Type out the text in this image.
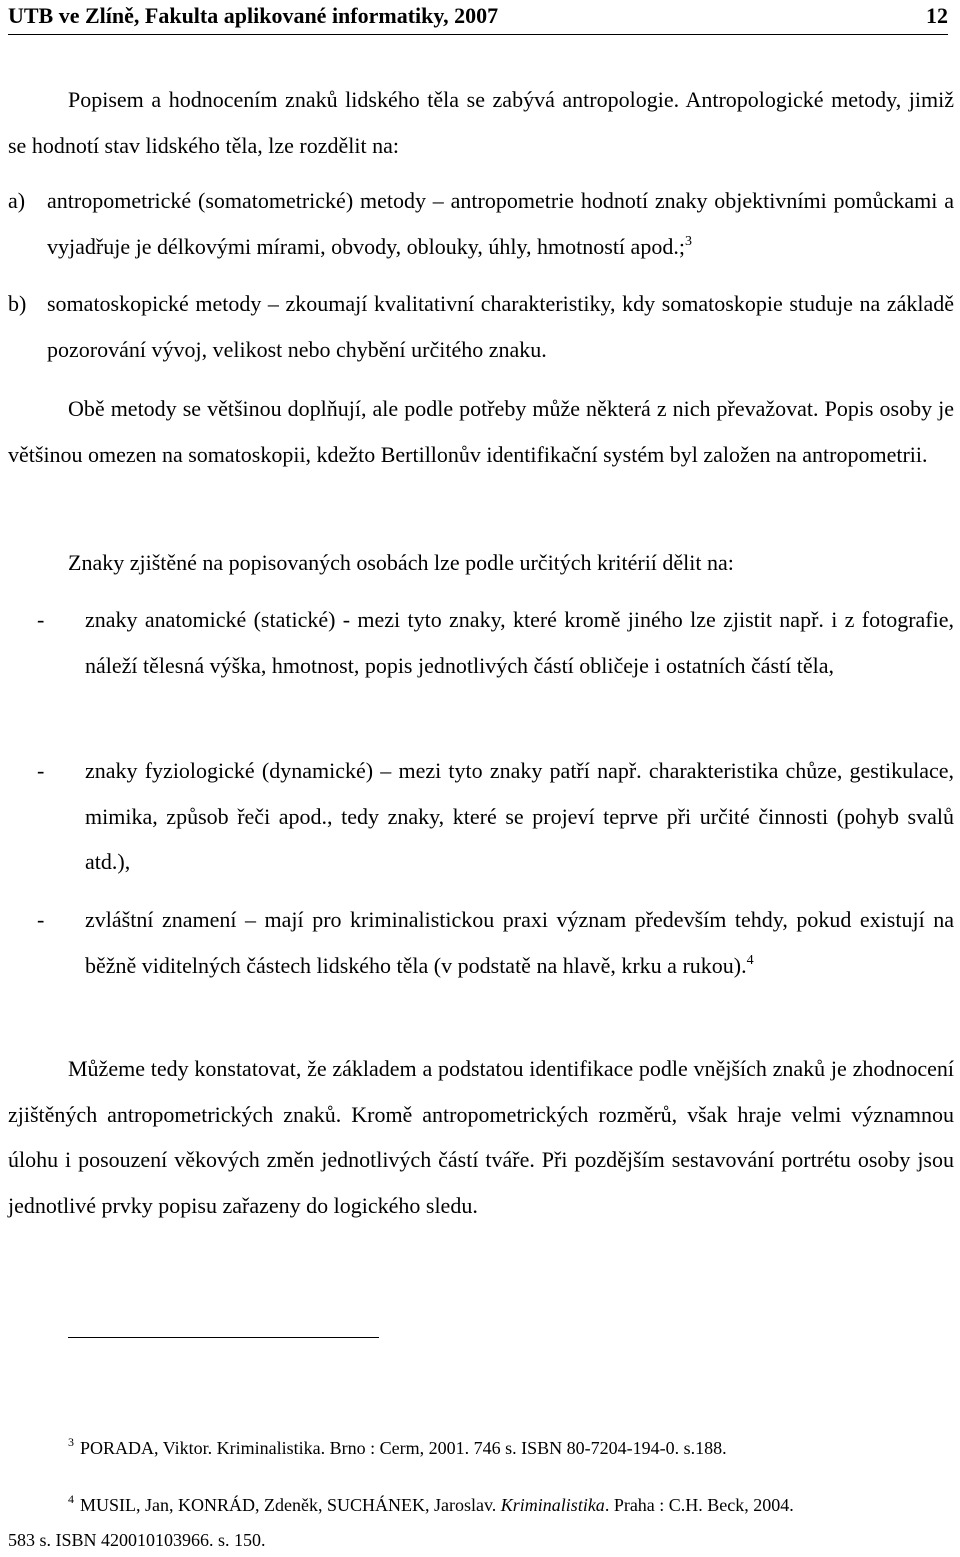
UTB ve Zlíně, Fakulta aplikované informatiky, 2007	12
Popisem a hodnocením znaků lidského těla se zabývá antropologie. Antropologické metody, jimiž se hodnotí stav lidského těla, lze rozdělit na:
a) antropometrické (somatometrické) metody – antropometrie hodnotí znaky objektivními pomůckami a vyjadřuje je délkovými mírami, obvody, oblouky, úhly, hmotností apod.;$^3$
b) somatoskopické metody – zkoumají kvalitativní charakteristiky, kdy somatoskopie studuje na základě pozorování vývoj, velikost nebo chybění určitého znaku.
Obě metody se většinou doplňují, ale podle potřeby může některá z nich převažovat. Popis osoby je většinou omezen na somatoskopii, kdežto Bertillonův identifikační systém byl založen na antropometrii.
Znaky zjištěné na popisovaných osobách lze podle určitých kritérií dělit na:
- znaky anatomické (statické) - mezi tyto znaky, které kromě jiného lze zjistit např. i z fotografie, náleží tělesná výška, hmotnost, popis jednotlivých částí obličeje i ostatních částí těla,
- znaky fyziologické (dynamické) – mezi tyto znaky patří např. charakteristika chůze, gestikulace, mimika, způsob řeči apod., tedy znaky, které se projeví teprve při určité činnosti (pohyb svalů atd.),
- zvláštní znamení – mají pro kriminalistickou praxi význam především tehdy, pokud existují na běžně viditelných částech lidského těla (v podstatě na hlavě, krku a rukou).$^4$
Můžeme tedy konstatovat, že základem a podstatou identifikace podle vnějších znaků je zhodnocení zjištěných antropometrických znaků. Kromě antropometrických rozměrů, však hraje velmi významnou úlohu i posouzení věkových změn jednotlivých částí tváře. Při pozdějším sestavování portrétu osoby jsou jednotlivé prvky popisu zařazeny do logického sledu.
$^3$ PORADA, Viktor. Kriminalistika. Brno : Cerm, 2001. 746 s. ISBN 80-7204-194-0. s.188.
$^4$ MUSIL, Jan, KONRÁD, Zdeněk, SUCHÁNEK, Jaroslav. Kriminalistika. Praha : C.H. Beck, 2004.
583 s. ISBN 420010103966. s. 150.
